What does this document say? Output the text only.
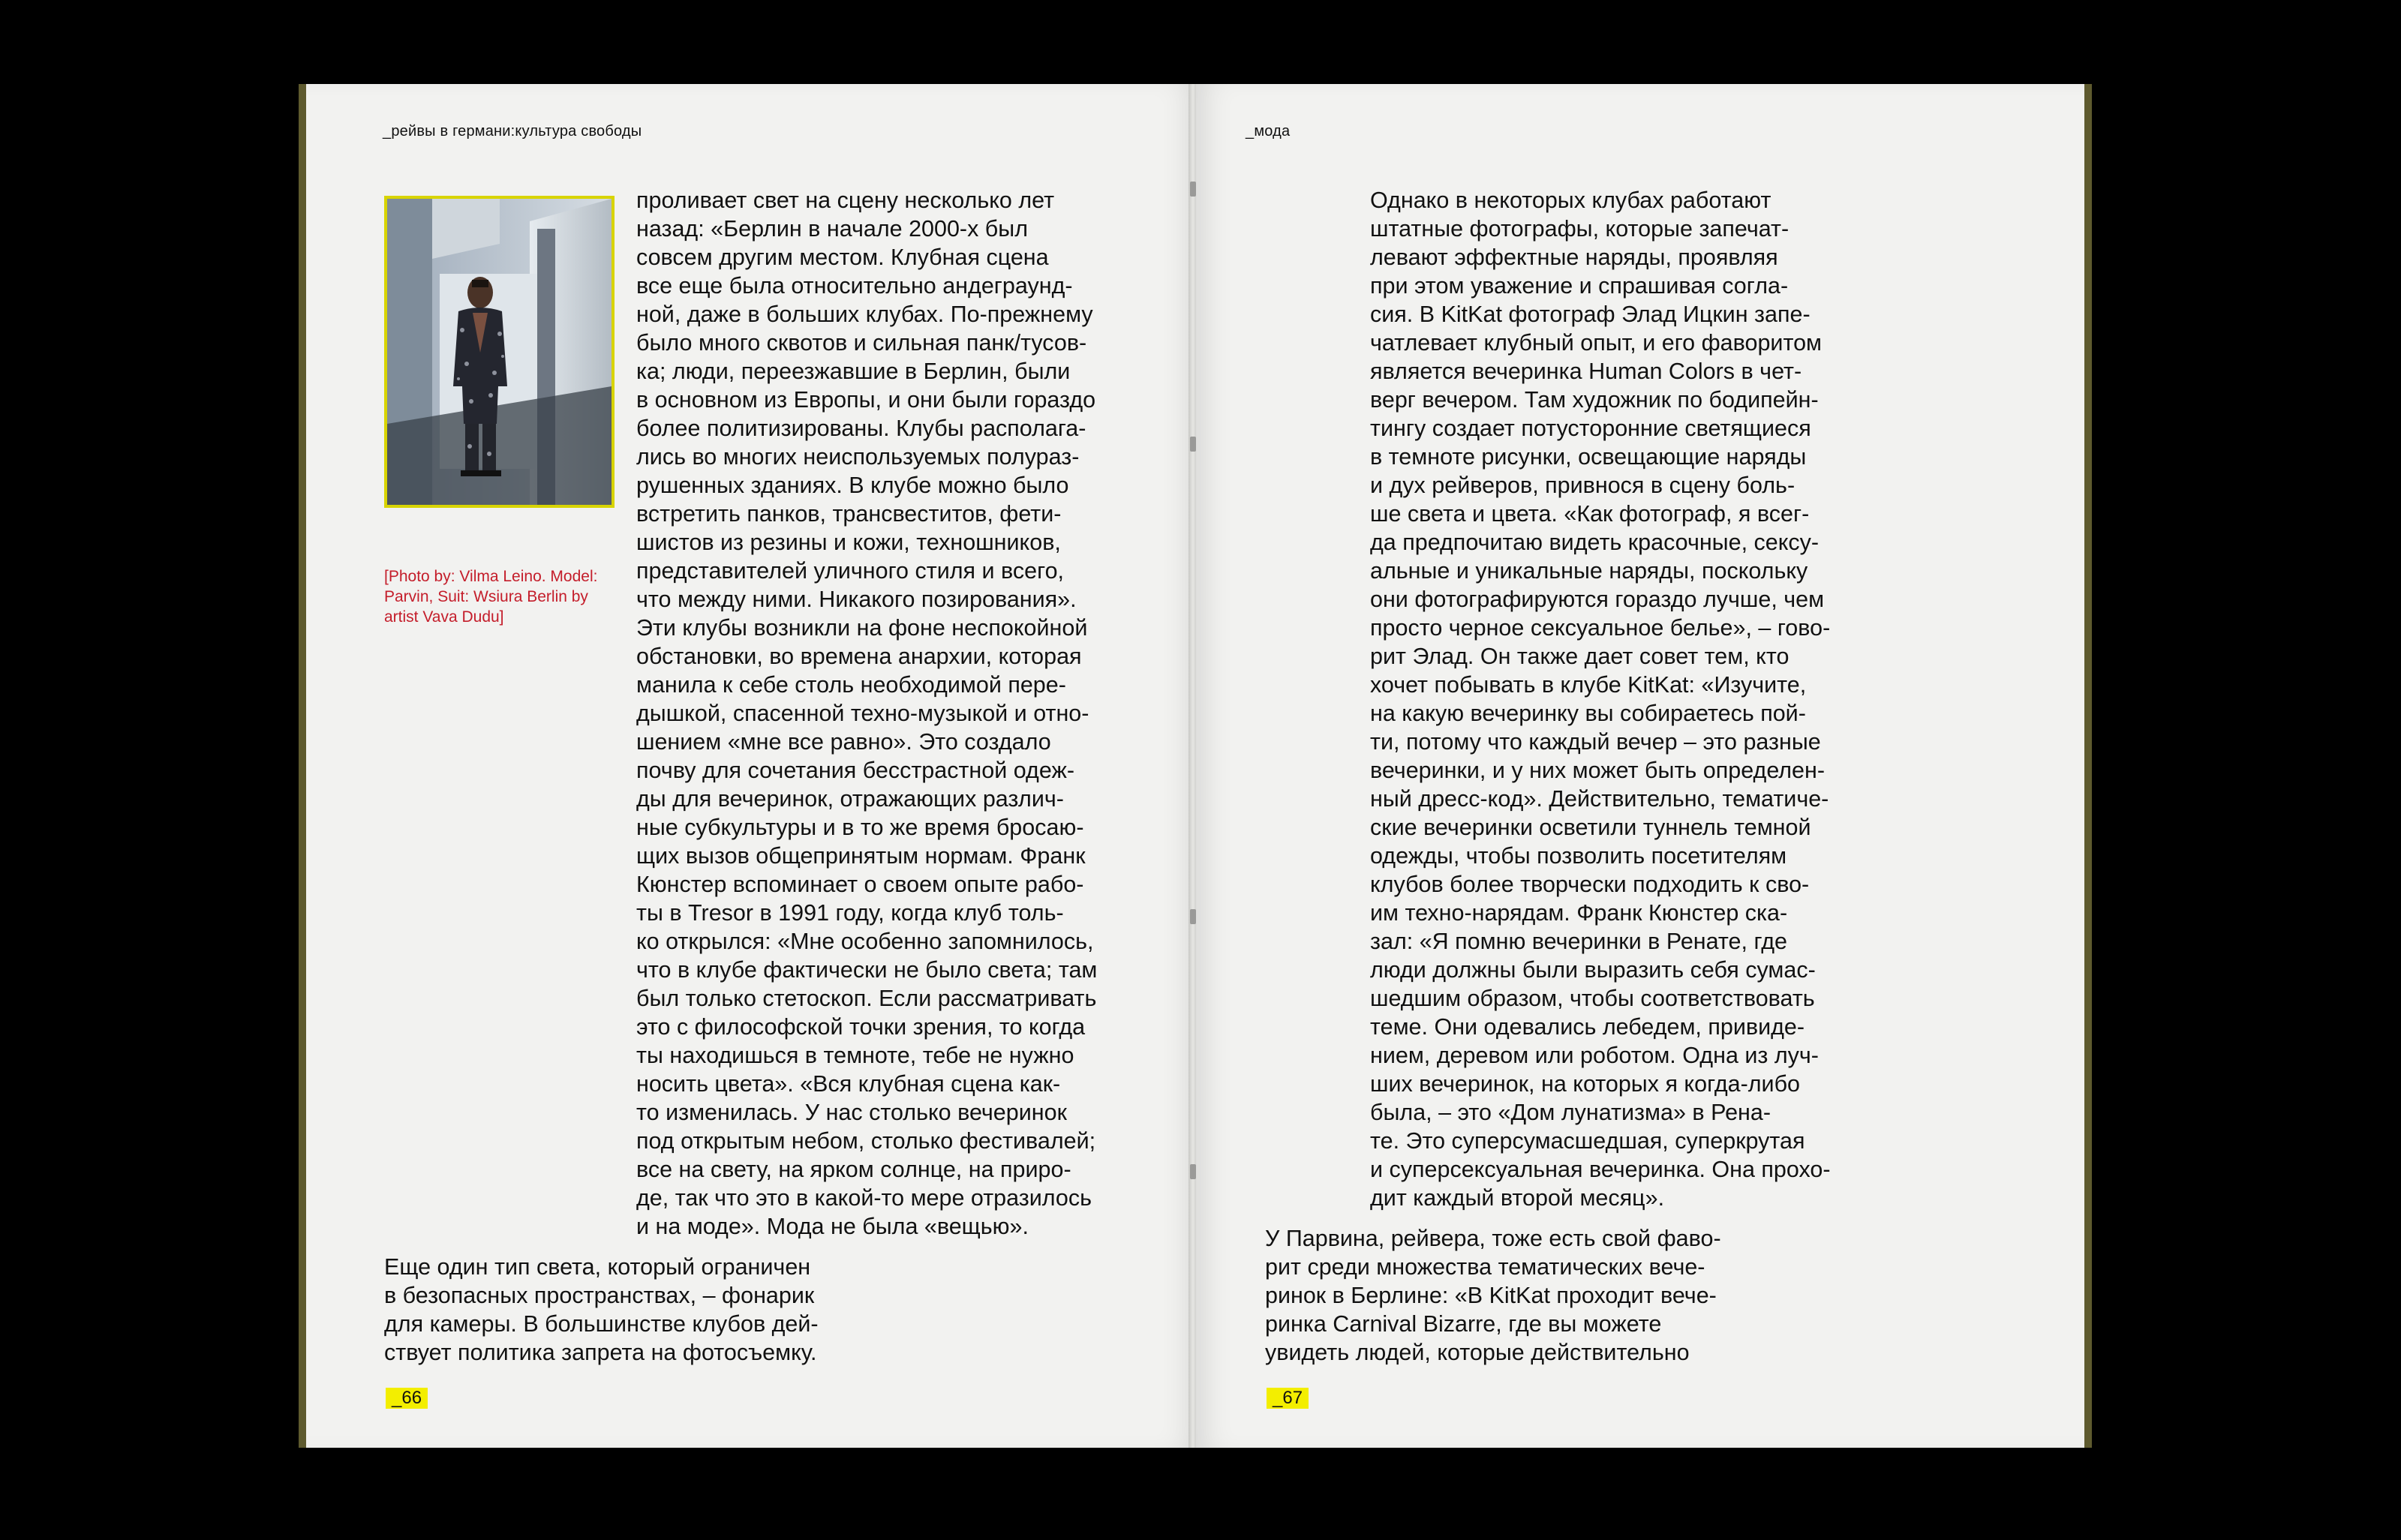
_рейвы в германи:культура свободы
[Photo by: Vilma Leino. Model:
Parvin, Suit: Wsiura Berlin by
artist Vava Dudu]
проливает свет на сцену несколько лет
назад: «Берлин в начале 2000-х был
совсем другим местом. Клубная сцена
все еще была относительно андеграунд-
ной, даже в больших клубах. По-прежнему
было много сквотов и сильная панк/тусов-
ка; люди, переезжавшие в Берлин, были
в основном из Европы, и они были гораздо
более политизированы. Клубы располага-
лись во многих неиспользуемых полураз-
рушенных зданиях. В клубе можно было
встретить панков, трансвеститов, фети-
шистов из резины и кожи, техношников,
представителей уличного стиля и всего,
что между ними. Никакого позирования».
Эти клубы возникли на фоне неспокойной
обстановки, во времена анархии, которая
манила к себе столь необходимой пере-
дышкой, спасенной техно-музыкой и отно-
шением «мне все равно». Это создало
почву для сочетания бесстрастной одеж-
ды для вечеринок, отражающих различ-
ные субкультуры и в то же время бросаю-
щих вызов общепринятым нормам. Франк
Кюнстер вспоминает о своем опыте рабо-
ты в Tresor в 1991 году, когда клуб толь-
ко открылся: «Мне особенно запомнилось,
что в клубе фактически не было света; там
был только стетоскоп. Если рассматривать
это с философской точки зрения, то когда
ты находишься в темноте, тебе не нужно
носить цвета». «Вся клубная сцена как-
то изменилась. У нас столько вечеринок
под открытым небом, столько фестивалей;
все на свету, на ярком солнце, на приро-
де, так что это в какой-то мере отразилось
и на моде». Мода не была «вещью».
Еще один тип света, который ограничен
в безопасных пространствах, – фонарик
для камеры. В большинстве клубов дей-
ствует политика запрета на фотосъемку.
_66
_мода
Однако в некоторых клубах работают
штатные фотографы, которые запечат-
левают эффектные наряды, проявляя
при этом уважение и спрашивая согла-
сия. В KitKat фотограф Элад Ицкин запе-
чатлевает клубный опыт, и его фаворитом
является вечеринка Human Colors в чет-
верг вечером. Там художник по бодипейн-
тингу создает потусторонние светящиеся
в темноте рисунки, освещающие наряды
и дух рейверов, привнося в сцену боль-
ше света и цвета. «Как фотограф, я всег-
да предпочитаю видеть красочные, сексу-
альные и уникальные наряды, поскольку
они фотографируются гораздо лучше, чем
просто черное сексуальное белье», – гово-
рит Элад. Он также дает совет тем, кто
хочет побывать в клубе KitKat: «Изучите,
на какую вечеринку вы собираетесь пой-
ти, потому что каждый вечер – это разные
вечеринки, и у них может быть определен-
ный дресс-код». Действительно, тематиче-
ские вечеринки осветили туннель темной
одежды, чтобы позволить посетителям
клубов более творчески подходить к сво-
им техно-нарядам. Франк Кюнстер ска-
зал: «Я помню вечеринки в Ренате, где
люди должны были выразить себя сумас-
шедшим образом, чтобы соответствовать
теме. Они одевались лебедем, привиде-
нием, деревом или роботом. Одна из луч-
ших вечеринок, на которых я когда-либо
была, – это «Дом лунатизма» в Рена-
те. Это суперсумасшедшая, суперкрутая
и суперсексуальная вечеринка. Она прохо-
дит каждый второй месяц».
У Парвина, рейвера, тоже есть свой фаво-
рит среди множества тематических вече-
ринок в Берлине: «В KitKat проходит вече-
ринка Carnival Bizarre, где вы можете
увидеть людей, которые действительно
_67
